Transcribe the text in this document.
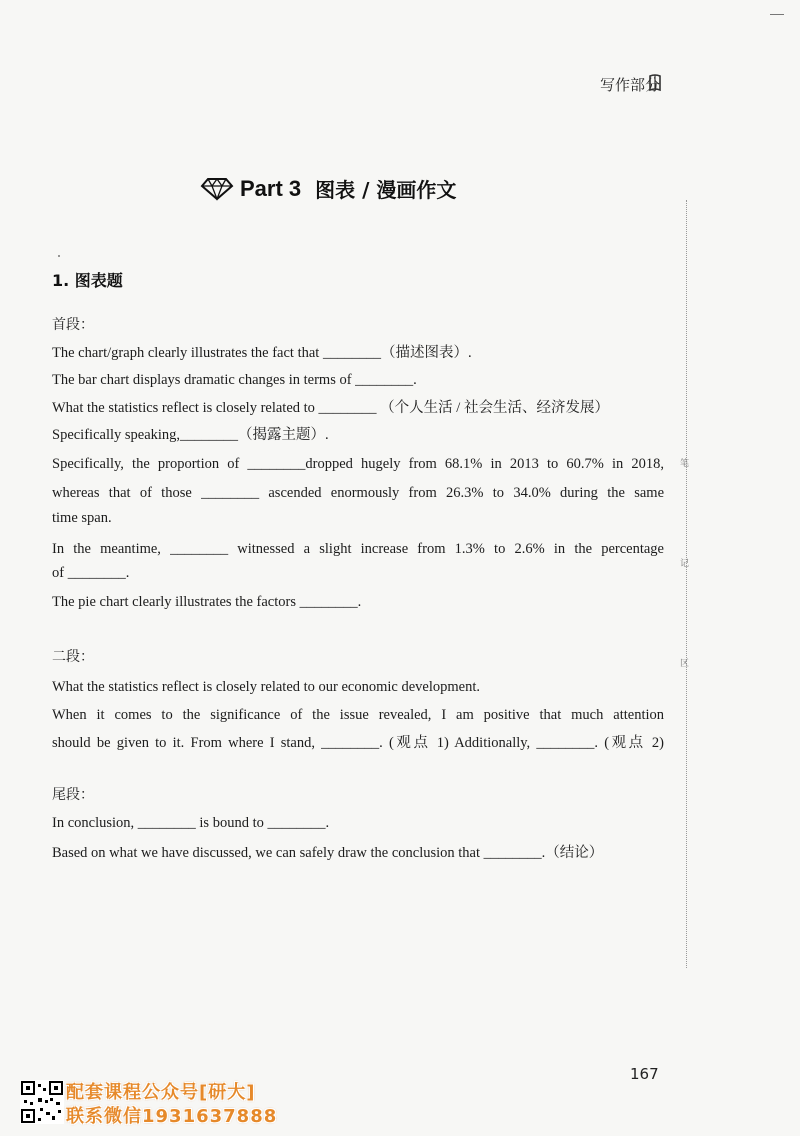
写作部分
Part 3 图表 / 漫画作文
笔
记
区
1. 图表题
首段：
The chart/graph clearly illustrates the fact that ________（描述图表）.
The bar chart displays dramatic changes in terms of ________.
What the statistics reflect is closely related to ________ （个人生活 / 社会生活、经济发展）
Specifically speaking,________（揭露主题）.
Specifically, the proportion of ________dropped hugely from 68.1% in 2013 to 60.7% in 2018,
whereas that of those ________ ascended enormously from 26.3% to 34.0% during the same
time span.
In the meantime, ________ witnessed a slight increase from 1.3% to 2.6% in the percentage
of ________.
The pie chart clearly illustrates the factors ________.
二段：
What the statistics reflect is closely related to our economic development.
When it comes to the significance of the issue revealed, I am positive that much attention
should be given to it. From where I stand, ________. (观点 1) Additionally, ________. (观点 2)
尾段：
In conclusion, ________ is bound to ________.
Based on what we have discussed, we can safely draw the conclusion that ________.（结论）
167
配套课程公众号[研大]
联系微信1931637888
